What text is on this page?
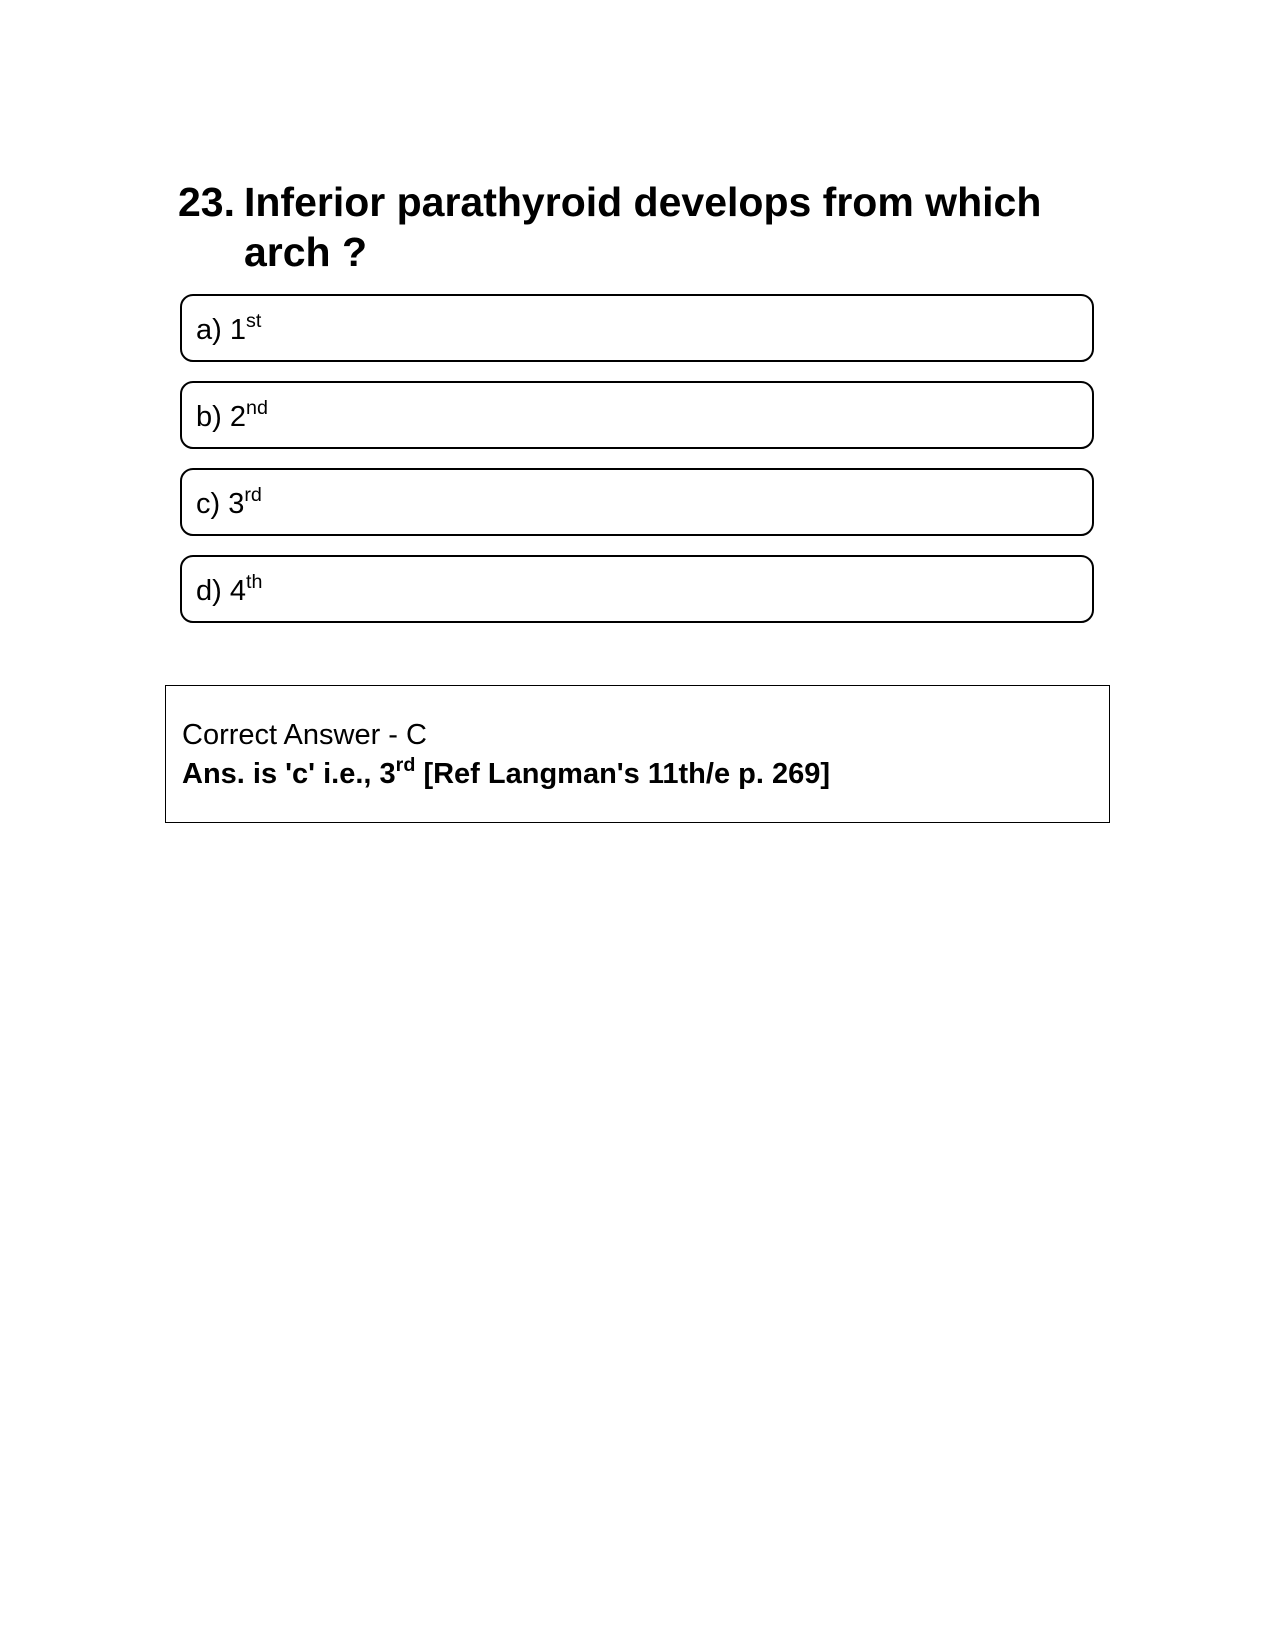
23. Inferior parathyroid develops from which arch ?
a) 1st
b) 2nd
c) 3rd
d) 4th
Correct Answer - C
Ans. is 'c' i.e., 3rd [Ref Langman's 11th/e p. 269]
